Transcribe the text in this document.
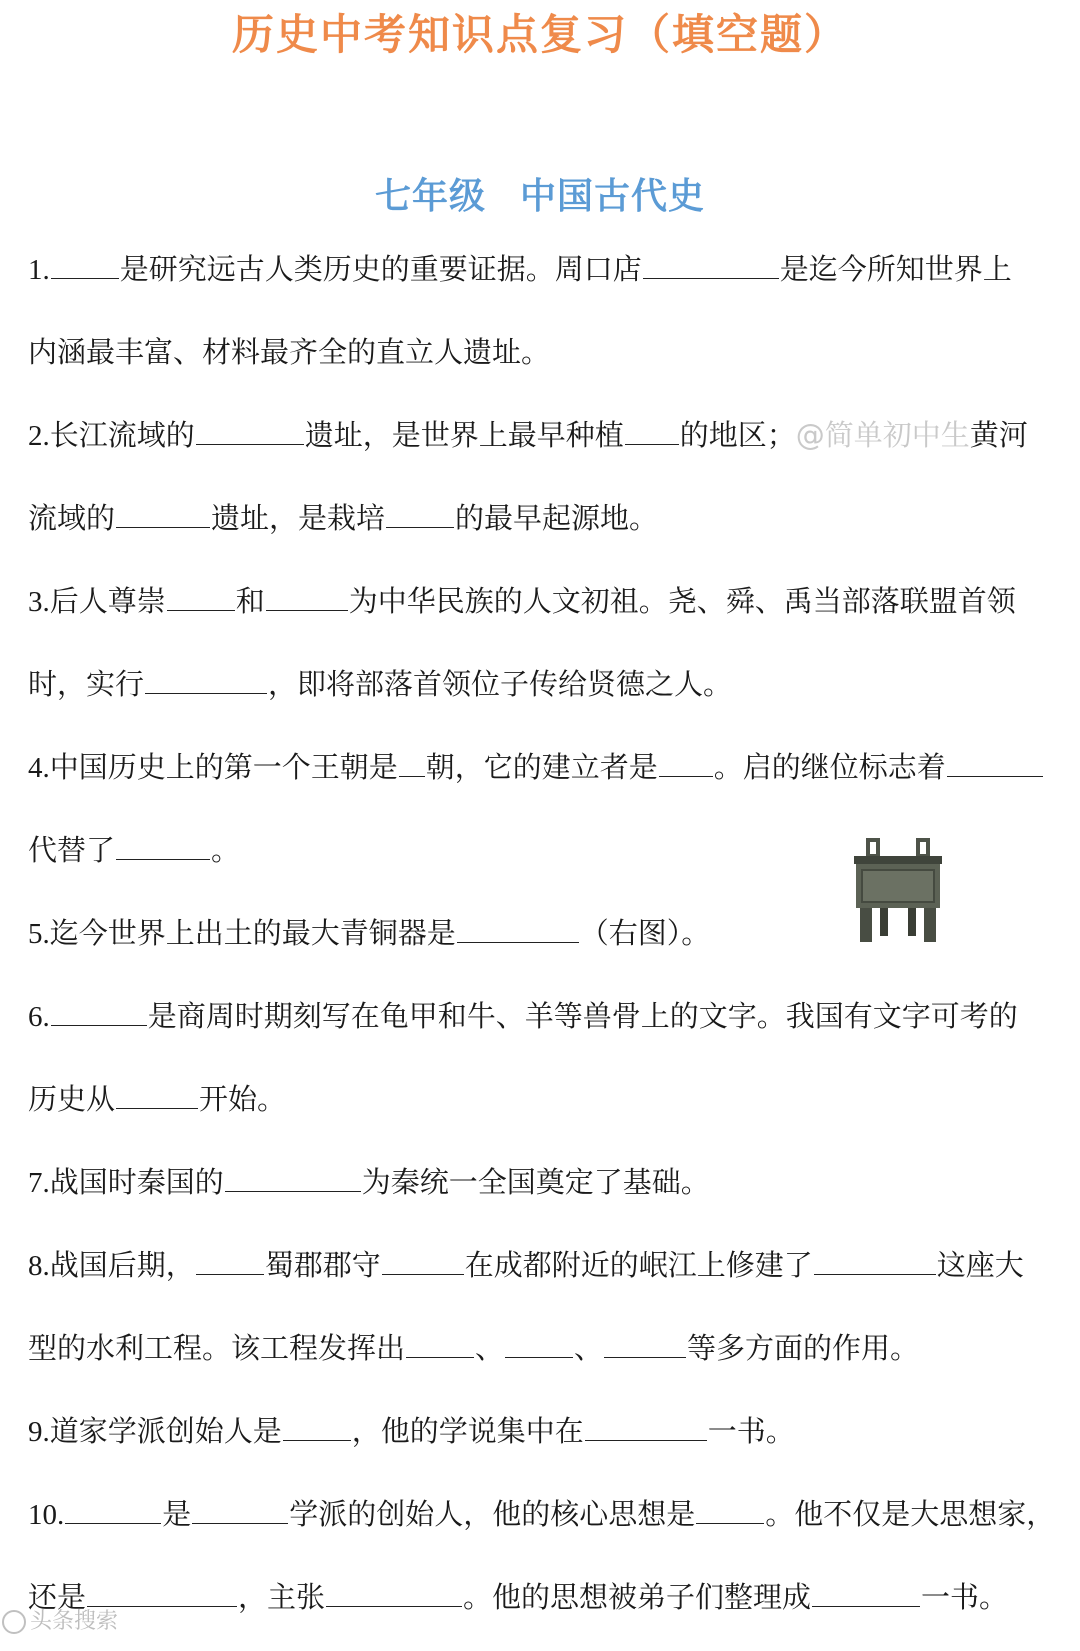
历史中考知识点复习（填空题）
七年级 中国古代史
1. 是研究远古人类历史的重要证据。周口店	是迄今所知世界上
内涵最丰富、材料最齐全的直立人遗址。
2.长江流域的	遗址，是世界上最早种植 的地区；@简单初中生黄河
流域的	遗址，是栽培 的最早起源地。
3.后人尊崇 和	为中华民族的人文初祖。尧、舜、禹当部落联盟首领
时，实行	，即将部落首领位子传给贤德之人。
4.中国历史上的第一个王朝是 朝，它的建立者是 。启的继位标志着
代替了	。
5.迄今世界上出土的最大青铜器是	（右图）。
6.	是商周时期刻写在龟甲和牛、羊等兽骨上的文字。我国有文字可考的
历史从	开始。
7.战国时秦国的	为秦统一全国奠定了基础。
8.战国后期， 蜀郡郡守	在成都附近的岷江上修建了	这座大
型的水利工程。该工程发挥出 、 、	等多方面的作用。
9.道家学派创始人是 ，他的学说集中在	一书。
10.	是	学派的创始人，他的核心思想是 。他不仅是大思想家，
还是	，主张	。他的思想被弟子们整理成	一书。
头条搜索
